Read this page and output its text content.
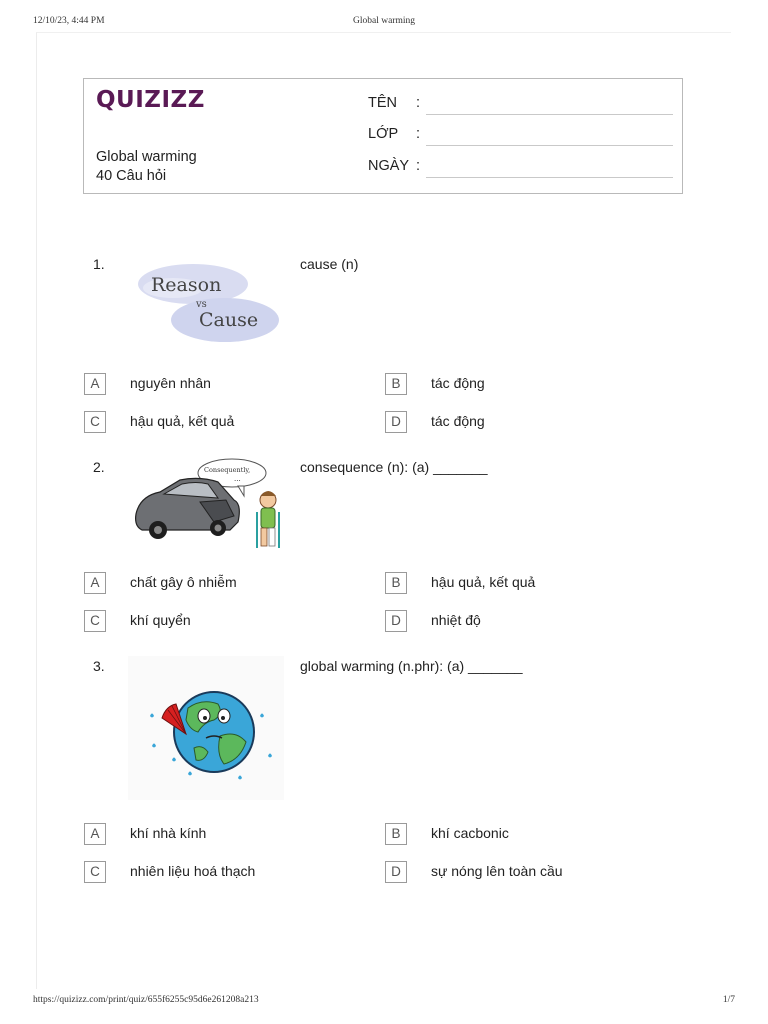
12/10/23, 4:44 PM	Global warming
QUIZIZZ
Global warming
40 Câu hỏi
TÊN :
LỚP :
NGÀY :
1.
Reason
vs
Cause
cause (n)
A	nguyên nhân	B	tác động
C	hậu quả, kết quả	D	tác động
2.	Consequently,
...
consequence (n): (a) _______
A	chất gây ô nhiễm	B	hậu quả, kết quả
C	khí quyển	D	nhiệt độ
3.	global warming (n.phr): (a) _______
A	khí nhà kính	B	khí cacbonic
C	nhiên liệu hoá thạch	D	sự nóng lên toàn cầu
https://quizizz.com/print/quiz/655f6255c95d6e261208a213	1/7
